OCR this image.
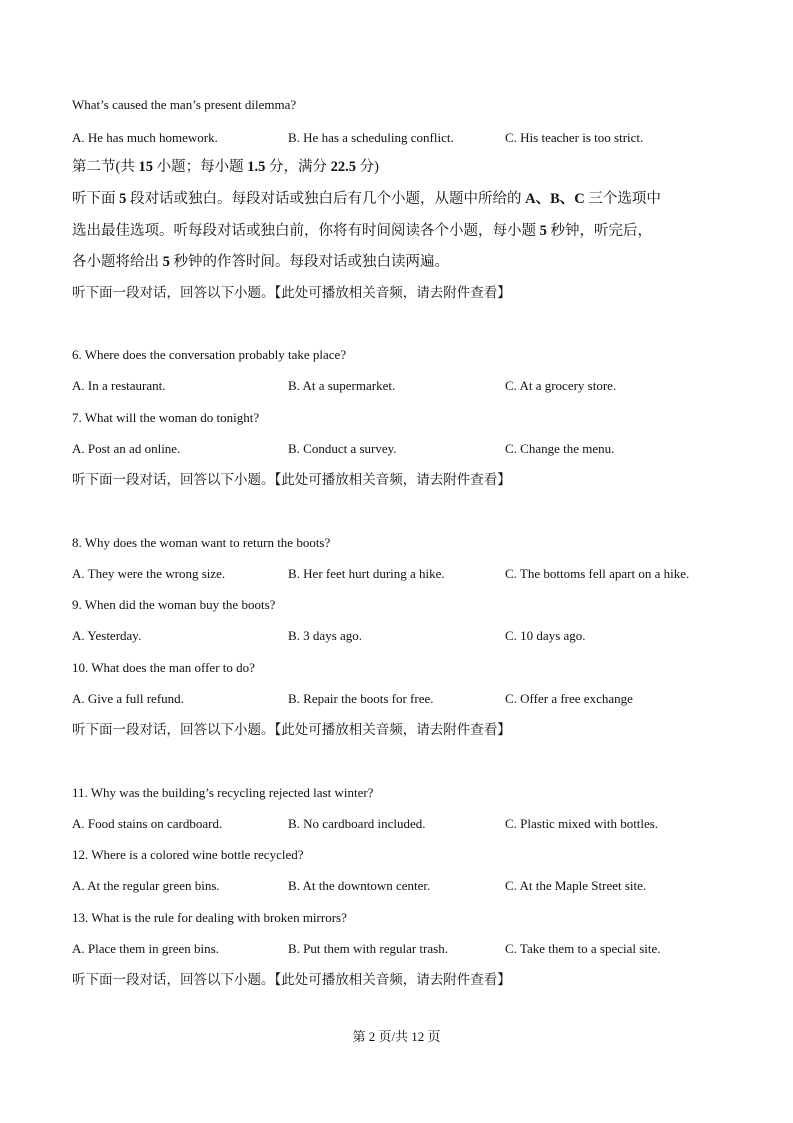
What’s caused the man’s present dilemma?
A. He has much homework.	B. He has a scheduling conflict.	C. His teacher is too strict.
第二节(共 15 小题；每小题 1.5 分，满分 22.5 分)
听下面 5 段对话或独白。每段对话或独白后有几个小题，从题中所给的 A、B、C 三个选项中
选出最佳选项。听每段对话或独白前，你将有时间阅读各个小题，每小题 5 秒钟，听完后，
各小题将给出 5 秒钟的作答时间。每段对话或独白读两遍。
听下面一段对话，回答以下小题。【此处可播放相关音频，请去附件查看】
6. Where does the conversation probably take place?
A. In a restaurant.	B. At a supermarket.	C. At a grocery store.
7. What will the woman do tonight?
A. Post an ad online.	B. Conduct a survey.	C. Change the menu.
听下面一段对话，回答以下小题。【此处可播放相关音频，请去附件查看】
8. Why does the woman want to return the boots?
A. They were the wrong size.	B. Her feet hurt during a hike.	C. The bottoms fell apart on a hike.
9. When did the woman buy the boots?
A. Yesterday.	B. 3 days ago.	C. 10 days ago.
10. What does the man offer to do?
A. Give a full refund.	B. Repair the boots for free.	C. Offer a free exchange
听下面一段对话，回答以下小题。【此处可播放相关音频，请去附件查看】
11. Why was the building’s recycling rejected last winter?
A. Food stains on cardboard.	B. No cardboard included.	C. Plastic mixed with bottles.
12. Where is a colored wine bottle recycled?
A. At the regular green bins.	B. At the downtown center.	C. At the Maple Street site.
13. What is the rule for dealing with broken mirrors?
A. Place them in green bins.	B. Put them with regular trash.	C. Take them to a special site.
听下面一段对话，回答以下小题。【此处可播放相关音频，请去附件查看】
第 2 页/共 12 页
